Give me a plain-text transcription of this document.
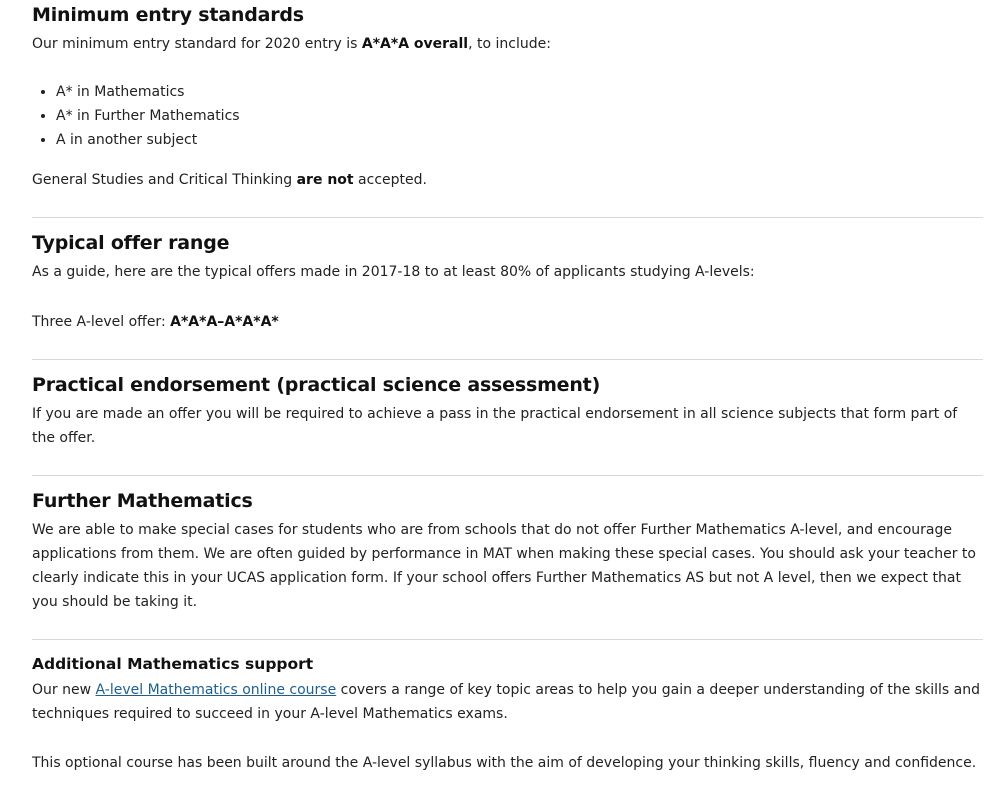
Minimum entry standards

Our minimum entry standard for 2020 entry is A*A*A overall, to include:

• A* in Mathematics
• A* in Further Mathematics
• A in another subject

General Studies and Critical Thinking are not accepted.

Typical offer range

As a guide, here are the typical offers made in 2017-18 to at least 80% of applicants studying A-levels:

Three A-level offer: A*A*A–A*A*A*

Practical endorsement (practical science assessment)

If you are made an offer you will be required to achieve a pass in the practical endorsement in all science subjects that form part of the offer.

Further Mathematics

We are able to make special cases for students who are from schools that do not offer Further Mathematics A-level, and encourage applications from them. We are often guided by performance in MAT when making these special cases. You should ask your teacher to clearly indicate this in your UCAS application form. If your school offers Further Mathematics AS but not A level, then we expect that you should be taking it.

Additional Mathematics support

Our new A-level Mathematics online course covers a range of key topic areas to help you gain a deeper understanding of the skills and techniques required to succeed in your A-level Mathematics exams.

This optional course has been built around the A-level syllabus with the aim of developing your thinking skills, fluency and confidence.
